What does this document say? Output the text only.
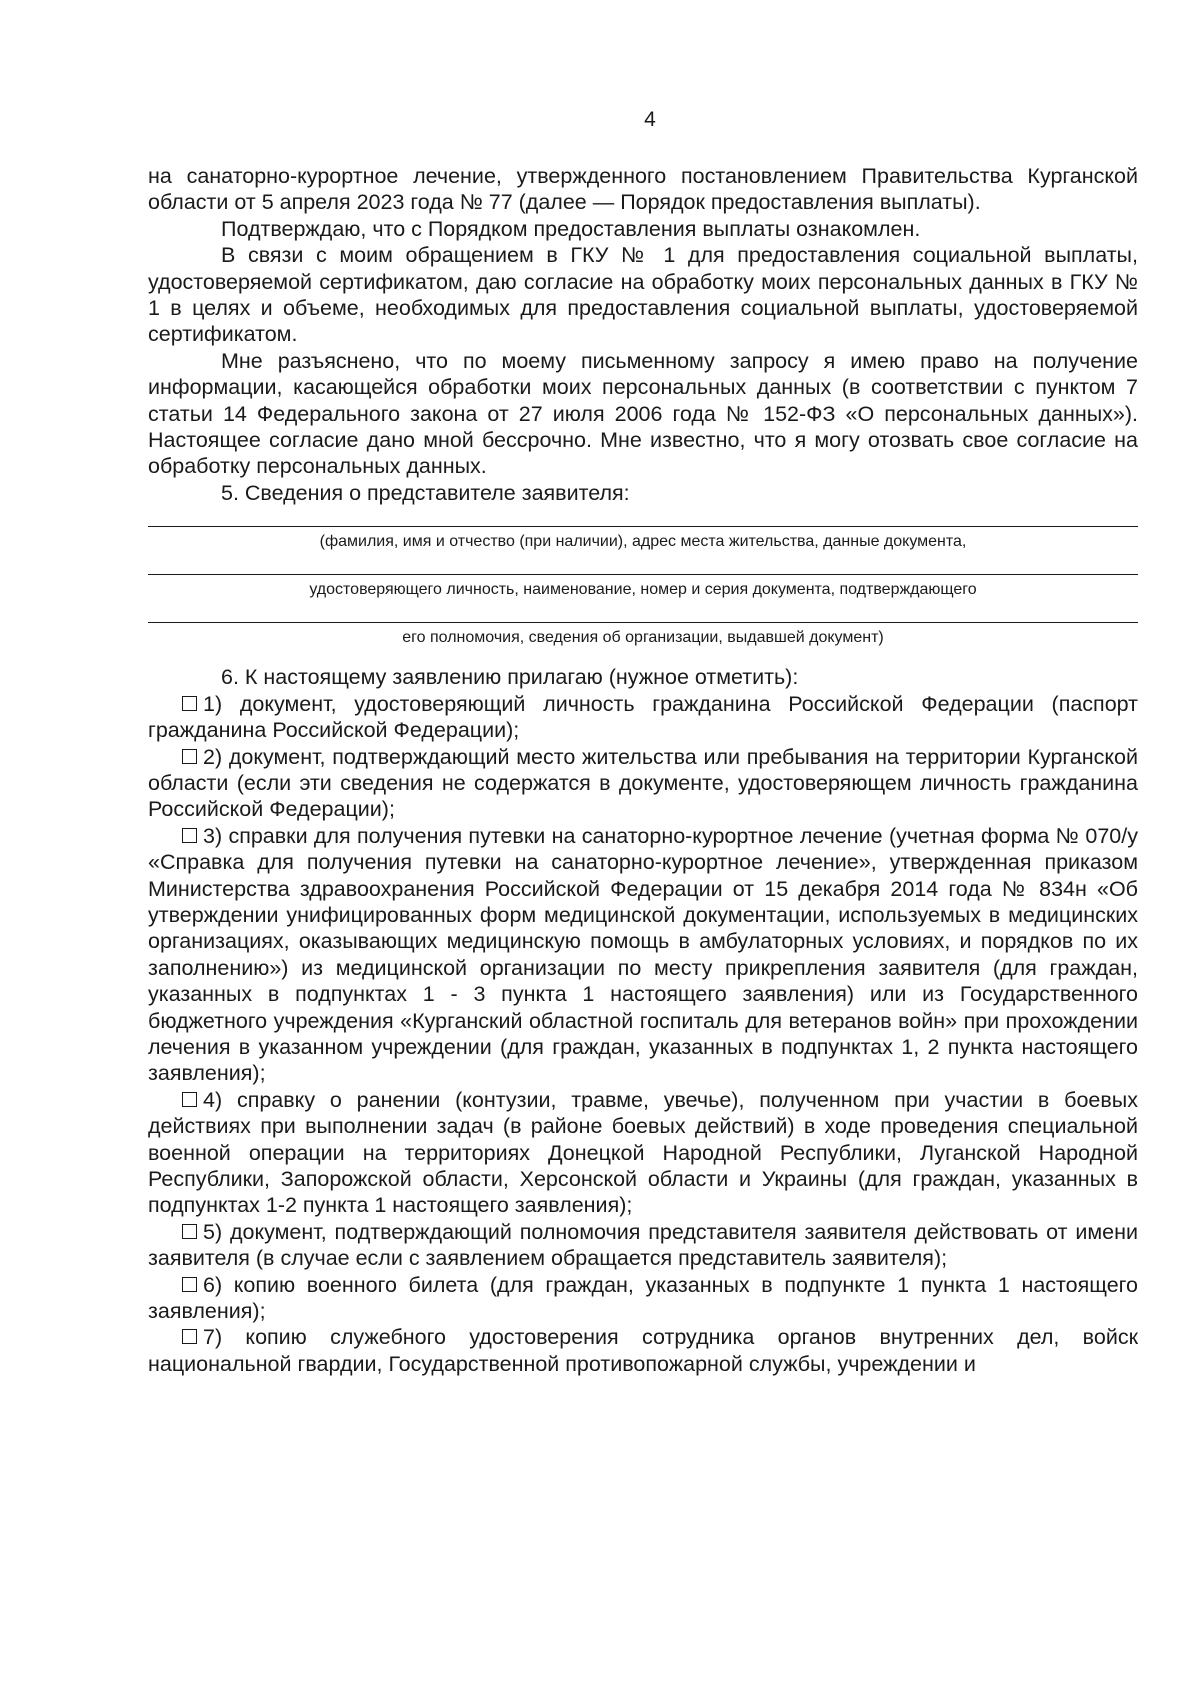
4

на санаторно-курортное лечение, утвержденного постановлением Правительства Курганской области от 5 апреля 2023 года № 77 (далее — Порядок предоставления выплаты).

Подтверждаю, что с Порядком предоставления выплаты ознакомлен.

В связи с моим обращением в ГКУ № 1 для предоставления социальной выплаты, удостоверяемой сертификатом, даю согласие на обработку моих персональных данных в ГКУ № 1 в целях и объеме, необходимых для предоставления социальной выплаты, удостоверяемой сертификатом.

Мне разъяснено, что по моему письменному запросу я имею право на получение информации, касающейся обработки моих персональных данных (в соответствии с пунктом 7 статьи 14 Федерального закона от 27 июля 2006 года № 152-ФЗ «О персональных данных»). Настоящее согласие дано мной бессрочно. Мне известно, что я могу отозвать свое согласие на обработку персональных данных.

5. Сведения о представителе заявителя:

(фамилия, имя и отчество (при наличии), адрес места жительства, данные документа,
удостоверяющего личность, наименование, номер и серия документа, подтверждающего
его полномочия, сведения об организации, выдавшей документ)

6. К настоящему заявлению прилагаю (нужное отметить):

1) документ, удостоверяющий личность гражданина Российской Федерации (паспорт гражданина Российской Федерации);

2) документ, подтверждающий место жительства или пребывания на территории Курганской области (если эти сведения не содержатся в документе, удостоверяющем личность гражданина Российской Федерации);

3) справки для получения путевки на санаторно-курортное лечение (учетная форма № 070/у «Справка для получения путевки на санаторно-курортное лечение», утвержденная приказом Министерства здравоохранения Российской Федерации от 15 декабря 2014 года № 834н «Об утверждении унифицированных форм медицинской документации, используемых в медицинских организациях, оказывающих медицинскую помощь в амбулаторных условиях, и порядков по их заполнению») из медицинской организации по месту прикрепления заявителя (для граждан, указанных в подпунктах 1 - 3 пункта 1 настоящего заявления) или из Государственного бюджетного учреждения «Курганский областной госпиталь для ветеранов войн» при прохождении лечения в указанном учреждении (для граждан, указанных в подпунктах 1, 2 пункта настоящего заявления);

4) справку о ранении (контузии, травме, увечье), полученном при участии в боевых действиях при выполнении задач (в районе боевых действий) в ходе проведения специальной военной операции на территориях Донецкой Народной Республики, Луганской Народной Республики, Запорожской области, Херсонской области и Украины (для граждан, указанных в подпунктах 1-2 пункта 1 настоящего заявления);

5) документ, подтверждающий полномочия представителя заявителя действовать от имени заявителя (в случае если с заявлением обращается представитель заявителя);

6) копию военного билета (для граждан, указанных в подпункте 1 пункта 1 настоящего заявления);

7) копию служебного удостоверения сотрудника органов внутренних дел, войск национальной гвардии, Государственной противопожарной службы, учреждении и
